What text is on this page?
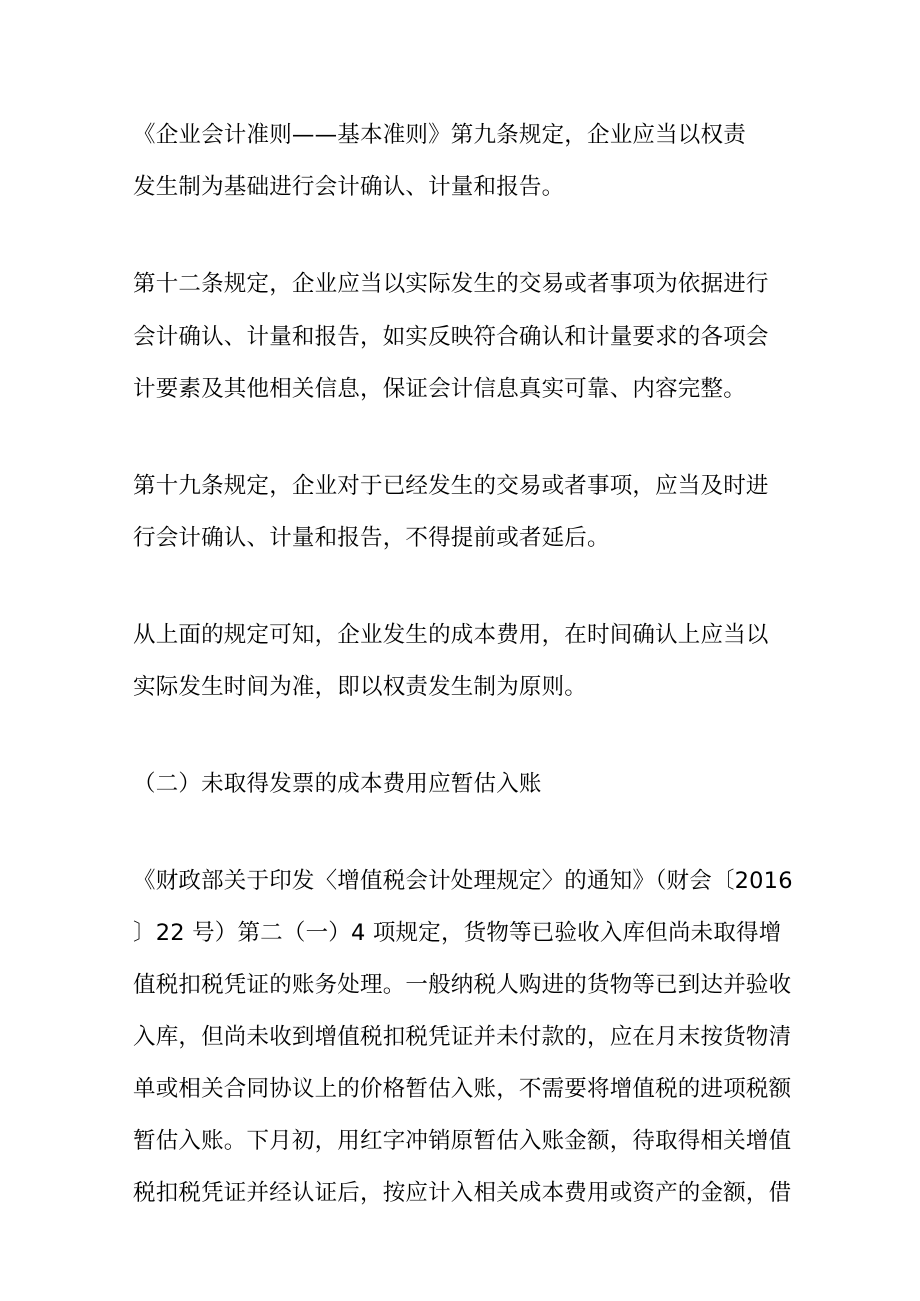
《企业会计准则——基本准则》第九条规定，企业应当以权责
发生制为基础进行会计确认、计量和报告。
第十二条规定，企业应当以实际发生的交易或者事项为依据进行
会计确认、计量和报告，如实反映符合确认和计量要求的各项会
计要素及其他相关信息，保证会计信息真实可靠、内容完整。
第十九条规定，企业对于已经发生的交易或者事项，应当及时进
行会计确认、计量和报告，不得提前或者延后。
从上面的规定可知，企业发生的成本费用，在时间确认上应当以
实际发生时间为准，即以权责发生制为原则。
（二）未取得发票的成本费用应暂估入账
《财政部关于印发〈增值税会计处理规定〉的通知》（财会〔2016
〕22 号）第二（一）4 项规定，货物等已验收入库但尚未取得增
值税扣税凭证的账务处理。一般纳税人购进的货物等已到达并验收
入库，但尚未收到增值税扣税凭证并未付款的，应在月末按货物清
单或相关合同协议上的价格暂估入账，不需要将增值税的进项税额
暂估入账。下月初，用红字冲销原暂估入账金额，待取得相关增值
税扣税凭证并经认证后，按应计入相关成本费用或资产的金额，借
